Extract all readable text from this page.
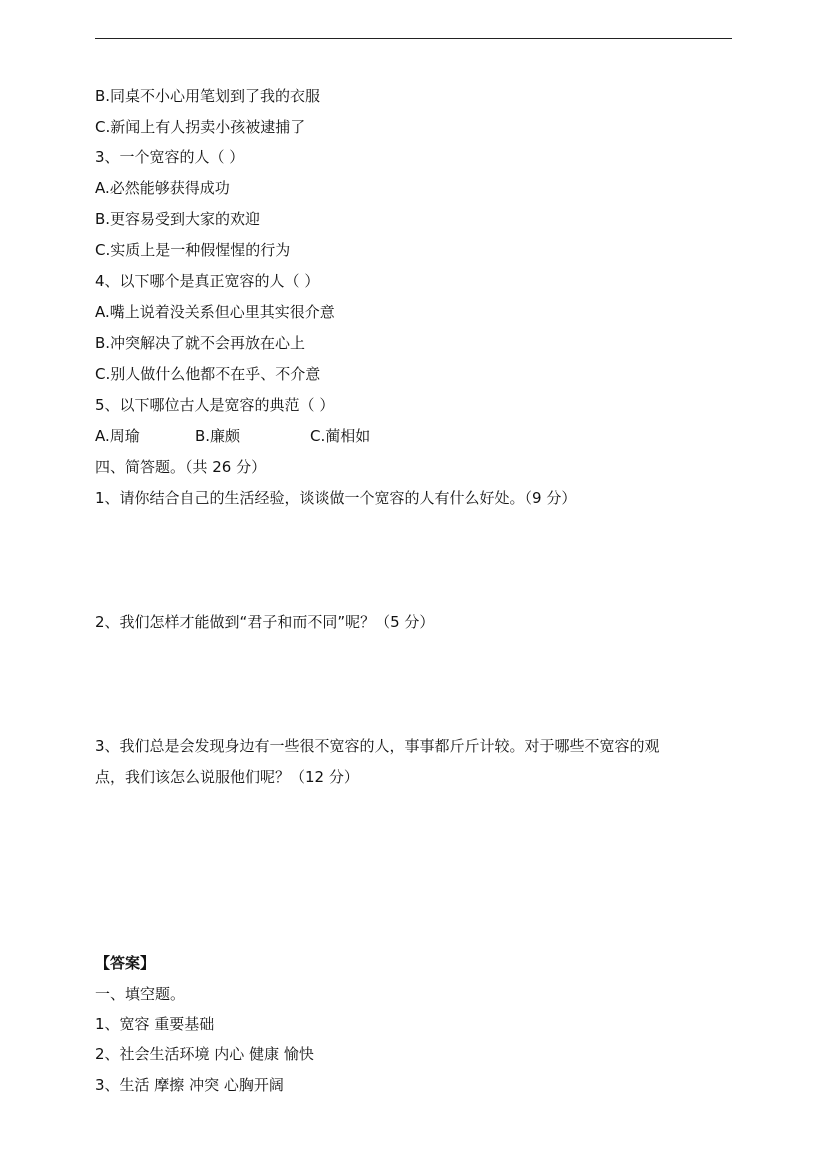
B.同桌不小心用笔划到了我的衣服
C.新闻上有人拐卖小孩被逮捕了
3、一个宽容的人（ ）
A.必然能够获得成功
B.更容易受到大家的欢迎
C.实质上是一种假惺惺的行为
4、以下哪个是真正宽容的人（ ）
A.嘴上说着没关系但心里其实很介意
B.冲突解决了就不会再放在心上
C.别人做什么他都不在乎、不介意
5、以下哪位古人是宽容的典范（ ）
A.周瑜	B.廉颇	C.蔺相如
四、简答题。（共 26 分）
1、请你结合自己的生活经验，谈谈做一个宽容的人有什么好处。（9 分）
2、我们怎样才能做到“君子和而不同”呢？（5 分）
3、我们总是会发现身边有一些很不宽容的人，事事都斤斤计较。对于哪些不宽容的观
点，我们该怎么说服他们呢？（12 分）
【答案】
一、填空题。
1、宽容 重要基础
2、社会生活环境 内心 健康 愉快
3、生活 摩擦 冲突 心胸开阔
